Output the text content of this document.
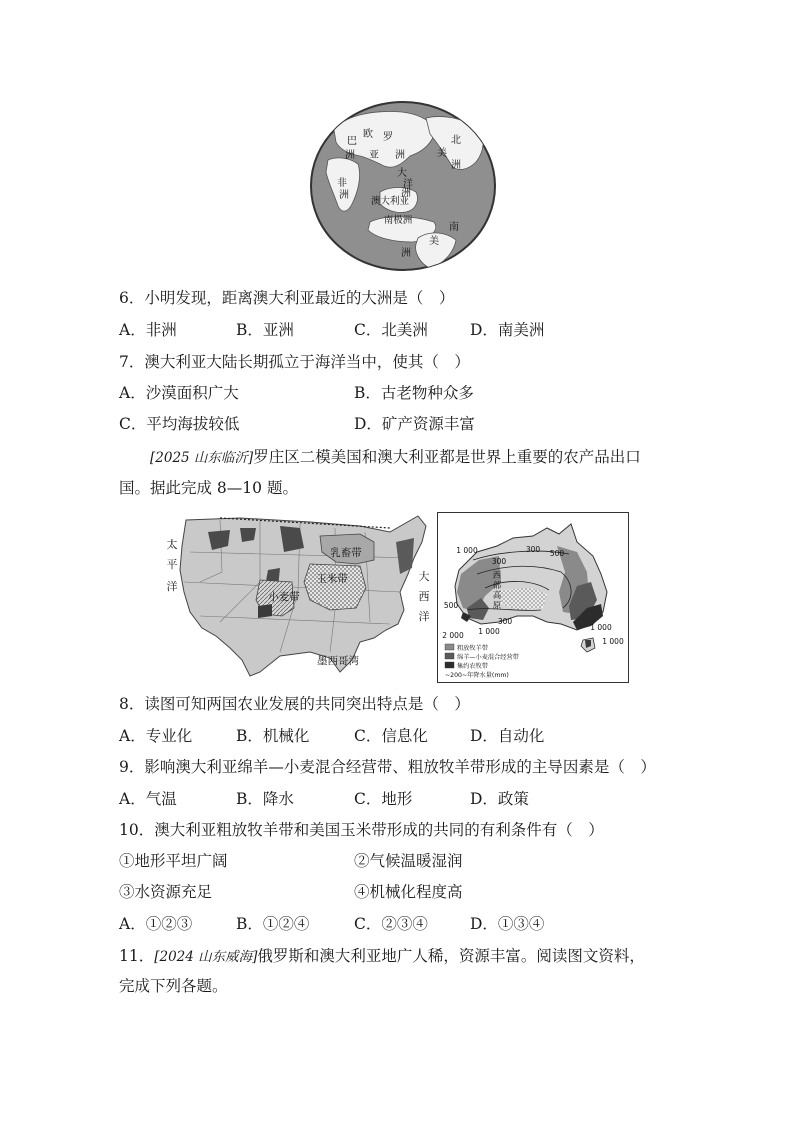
欧 罗
巴
洲 亚 洲
北
美
洲
非
洲
大
洋
洲
澳大利亚
南极洲
南
美
洲
6．小明发现，距离澳大利亚最近的大洲是（　）
A．非洲	B．亚洲	C．北美洲	D．南美洲
7．澳大利亚大陆长期孤立于海洋当中，使其（　）
A．沙漠面积广大	B．古老物种众多
C．平均海拔较低	D．矿产资源丰富
[2025 山东临沂]罗庄区二模美国和澳大利亚都是世界上重要的农产品出口
国。据此完成 8—10 题。
太
平
洋
大
西
洋
乳畜带
玉米带
小麦带
墨西哥湾
1 000	300
300
300
500
500
1 000
2 000
1 000
1 000
西
部
高
原
粗放牧羊带
绵羊—小麦混合经营带
集约农牧带
~200~年降水量(mm)
8．读图可知两国农业发展的共同突出特点是（　）
A．专业化	B．机械化	C．信息化	D．自动化
9．影响澳大利亚绵羊—小麦混合经营带、粗放牧羊带形成的主导因素是（　）
A．气温	B．降水	C．地形	D．政策
10．澳大利亚粗放牧羊带和美国玉米带形成的共同的有利条件有（　）
①地形平坦广阔	②气候温暖湿润
③水资源充足	④机械化程度高
A．①②③	B．①②④	C．②③④	D．①③④
11．[2024 山东威海]俄罗斯和澳大利亚地广人稀，资源丰富。阅读图文资料，
完成下列各题。
